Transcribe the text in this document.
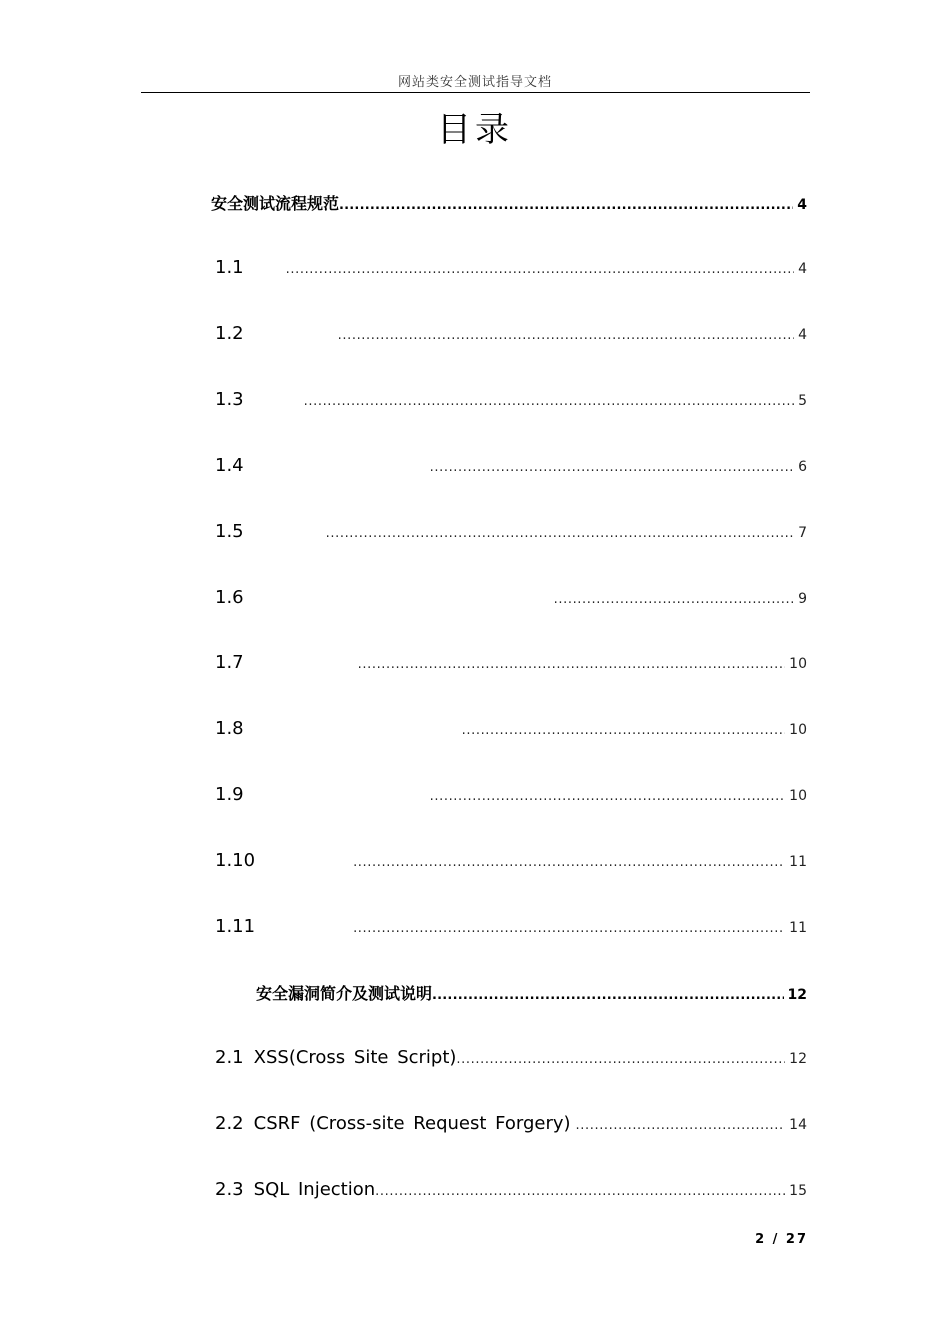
网站类安全测试指导文档
目录
安全测试流程规范 .....	4
1.1 .....	4
1.2 .....	4
1.3 .....	5
1.4 .....	6
1.5 .....	7
1.6 .....	9
1.7 .....	10
1.8 .....	10
1.9 .....	10
1.10 .....	11
1.11 .....	11
安全漏洞简介及测试说明 .....	12
2.1 XSS(Cross Site Script) .....	12
2.2 CSRF (Cross-site Request Forgery) .....	14
2.3 SQL Injection .....	15
2 / 27
